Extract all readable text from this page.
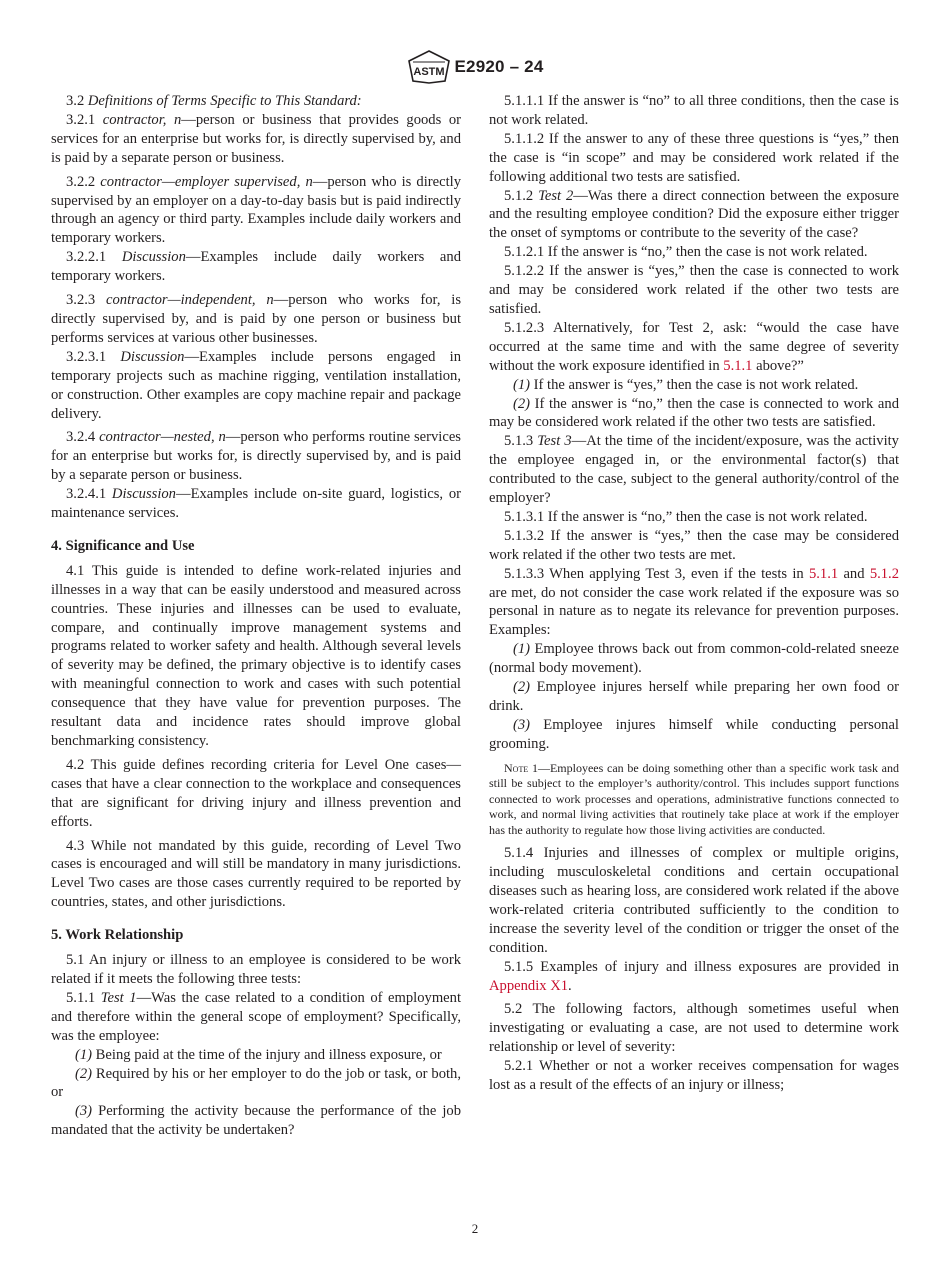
ASTM E2920 – 24

3.2 Definitions of Terms Specific to This Standard:

3.2.1 contractor, n—person or business that provides goods or services for an enterprise but works for, is directly supervised by, and is paid by a separate person or business.

3.2.2 contractor—employer supervised, n—person who is directly supervised by an employer on a day-to-day basis but is paid indirectly through an agency or third party. Examples include daily workers and temporary workers.

3.2.2.1 Discussion—Examples include daily workers and temporary workers.

3.2.3 contractor—independent, n—person who works for, is directly supervised by, and is paid by one person or business but performs services at various other businesses.

3.2.3.1 Discussion—Examples include persons engaged in temporary projects such as machine rigging, ventilation installation, or construction. Other examples are copy machine repair and package delivery.

3.2.4 contractor—nested, n—person who performs routine services for an enterprise but works for, is directly supervised by, and is paid by a separate person or business.

3.2.4.1 Discussion—Examples include on-site guard, logistics, or maintenance services.

4. Significance and Use

4.1 This guide is intended to define work-related injuries and illnesses in a way that can be easily understood and measured across countries. These injuries and illnesses can be used to evaluate, compare, and continually improve management systems and programs related to worker safety and health. Although several levels of severity may be defined, the primary objective is to identify cases with meaningful connection to work and cases with such potential consequence that they have value for prevention purposes. The resultant data and incidence rates should improve global benchmarking consistency.

4.2 This guide defines recording criteria for Level One cases—cases that have a clear connection to the workplace and consequences that are significant for driving injury and illness prevention and efforts.

4.3 While not mandated by this guide, recording of Level Two cases is encouraged and will still be mandatory in many jurisdictions. Level Two cases are those cases currently required to be reported by countries, states, and other jurisdictions.

5. Work Relationship

5.1 An injury or illness to an employee is considered to be work related if it meets the following three tests:

5.1.1 Test 1—Was the case related to a condition of employment and therefore within the general scope of employment? Specifically, was the employee:

(1) Being paid at the time of the injury and illness exposure, or

(2) Required by his or her employer to do the job or task, or both, or

(3) Performing the activity because the performance of the job mandated that the activity be undertaken?

5.1.1.1 If the answer is “no” to all three conditions, then the case is not work related.

5.1.1.2 If the answer to any of these three questions is “yes,” then the case is “in scope” and may be considered work related if the following additional two tests are satisfied.

5.1.2 Test 2—Was there a direct connection between the exposure and the resulting employee condition? Did the exposure either trigger the onset of symptoms or contribute to the severity of the case?

5.1.2.1 If the answer is “no,” then the case is not work related.

5.1.2.2 If the answer is “yes,” then the case is connected to work and may be considered work related if the other two tests are satisfied.

5.1.2.3 Alternatively, for Test 2, ask: “would the case have occurred at the same time and with the same degree of severity without the work exposure identified in 5.1.1 above?”

(1) If the answer is “yes,” then the case is not work related.

(2) If the answer is “no,” then the case is connected to work and may be considered work related if the other two tests are satisfied.

5.1.3 Test 3—At the time of the incident/exposure, was the activity the employee engaged in, or the environmental factor(s) that contributed to the case, subject to the general authority/control of the employer?

5.1.3.1 If the answer is “no,” then the case is not work related.

5.1.3.2 If the answer is “yes,” then the case may be considered work related if the other two tests are met.

5.1.3.3 When applying Test 3, even if the tests in 5.1.1 and 5.1.2 are met, do not consider the case work related if the exposure was so personal in nature as to negate its relevance for prevention purposes. Examples:

(1) Employee throws back out from common-cold-related sneeze (normal body movement).

(2) Employee injures herself while preparing her own food or drink.

(3) Employee injures himself while conducting personal grooming.

Note 1—Employees can be doing something other than a specific work task and still be subject to the employer’s authority/control. This includes support functions connected to work processes and operations, administrative functions connected to work, and normal living activities that routinely take place at work if the employer has the authority to regulate how those living activities are conducted.

5.1.4 Injuries and illnesses of complex or multiple origins, including musculoskeletal conditions and certain occupational diseases such as hearing loss, are considered work related if the above work-related criteria contributed sufficiently to the condition to increase the severity level of the condition or trigger the onset of the condition.

5.1.5 Examples of injury and illness exposures are provided in Appendix X1.

5.2 The following factors, although sometimes useful when investigating or evaluating a case, are not used to determine work relationship or level of severity:

5.2.1 Whether or not a worker receives compensation for wages lost as a result of the effects of an injury or illness;

2
